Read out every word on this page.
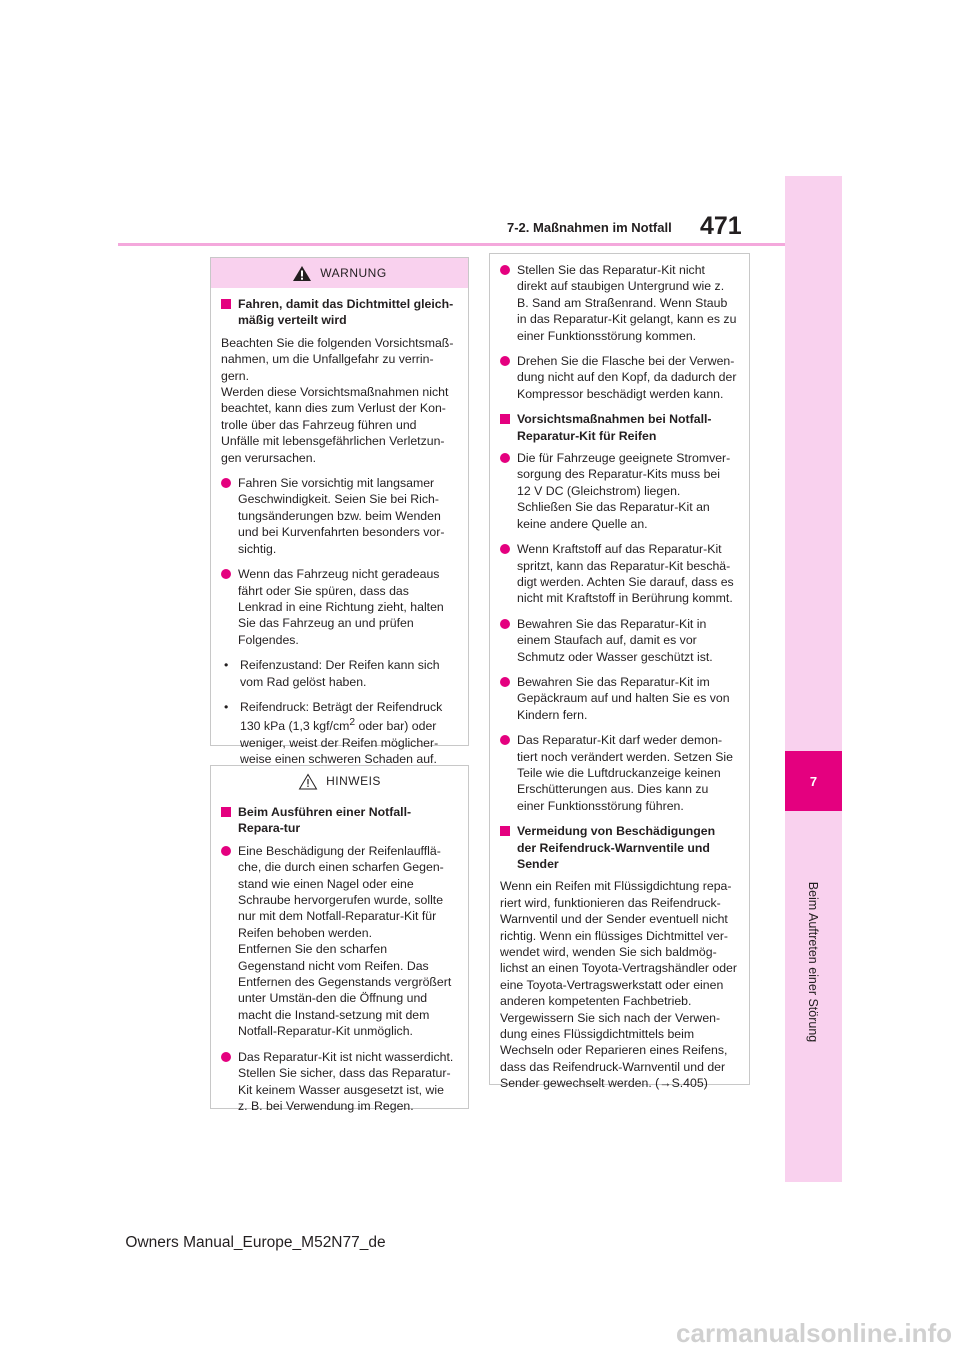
7
Beim Auftreten einer Störung
7-2. Maßnahmen im Notfall 471
WARNUNG
Fahren, damit das Dichtmittel gleich-mäßig verteilt wird

Beachten Sie die folgenden Vorsichtsmaß-nahmen, um die Unfallgefahr zu verrin-gern.

Werden diese Vorsichtsmaßnahmen nicht beachtet, kann dies zum Verlust der Kon-trolle über das Fahrzeug führen und Unfälle mit lebensgefährlichen Verletzun-gen verursachen.

Fahren Sie vorsichtig mit langsamer Geschwindigkeit. Seien Sie bei Rich-tungsänderungen bzw. beim Wenden und bei Kurvenfahrten besonders vor-sichtig.
Wenn das Fahrzeug nicht geradeaus fährt oder Sie spüren, dass das Lenkrad in eine Richtung zieht, halten Sie das Fahrzeug an und prüfen Folgendes.
• Reifenzustand: Der Reifen kann sich vom Rad gelöst haben.
• Reifendruck: Beträgt der Reifendruck 130 kPa (1,3 kgf/$cm^2$ oder bar) oder weniger, weist der Reifen möglicher-weise einen schweren Schaden auf.
HINWEIS
Beim Ausführen einer Notfall-Repara-tur
Eine Beschädigung der Reifenlaufflä-che, die durch einen scharfen Gegen-stand wie einen Nagel oder eine Schraube hervorgerufen wurde, sollte nur mit dem Notfall-Reparatur-Kit für Reifen behoben werden.
Entfernen Sie den scharfen Gegenstand nicht vom Reifen. Das Entfernen des Gegenstands vergrößert unter Umstän-den die Öffnung und macht die Instand-setzung mit dem Notfall-Reparatur-Kit unmöglich.
Das Reparatur-Kit ist nicht wasserdicht. Stellen Sie sicher, dass das Reparatur-Kit keinem Wasser ausgesetzt ist, wie z. B. bei Verwendung im Regen.
Stellen Sie das Reparatur-Kit nicht direkt auf staubigen Untergrund wie z. B. Sand am Straßenrand. Wenn Staub in das Reparatur-Kit gelangt, kann es zu einer Funktionsstörung kommen.
Drehen Sie die Flasche bei der Verwen-dung nicht auf den Kopf, da dadurch der Kompressor beschädigt werden kann.
Vorsichtsmaßnahmen bei Notfall-Reparatur-Kit für Reifen
Die für Fahrzeuge geeignete Stromver-sorgung des Reparatur-Kits muss bei 12 V DC (Gleichstrom) liegen. Schließen Sie das Reparatur-Kit an keine andere Quelle an.
Wenn Kraftstoff auf das Reparatur-Kit spritzt, kann das Reparatur-Kit beschä-digt werden. Achten Sie darauf, dass es nicht mit Kraftstoff in Berührung kommt.
Bewahren Sie das Reparatur-Kit in einem Staufach auf, damit es vor Schmutz oder Wasser geschützt ist.
Bewahren Sie das Reparatur-Kit im Gepäckraum auf und halten Sie es von Kindern fern.
Das Reparatur-Kit darf weder demon-tiert noch verändert werden. Setzen Sie Teile wie die Luftdruckanzeige keinen Erschütterungen aus. Dies kann zu einer Funktionsstörung führen.
Vermeidung von Beschädigungen der Reifendruck-Warnventile und Sender

Wenn ein Reifen mit Flüssigdichtung repa-riert wird, funktionieren das Reifendruck-Warnventil und der Sender eventuell nicht richtig. Wenn ein flüssiges Dichtmittel ver-wendet wird, wenden Sie sich baldmög-lichst an einen Toyota-Vertragshändler oder eine Toyota-Vertragswerkstatt oder einen anderen kompetenten Fachbetrieb. Vergewissern Sie sich nach der Verwen-dung eines Flüssigdichtmittels beim Wechseln oder Reparieren eines Reifens, dass das Reifendruck-Warnventil und der Sender gewechselt werden. (→S.405)

Owners Manual_Europe_M52N77_de
carmanualsonline.info
